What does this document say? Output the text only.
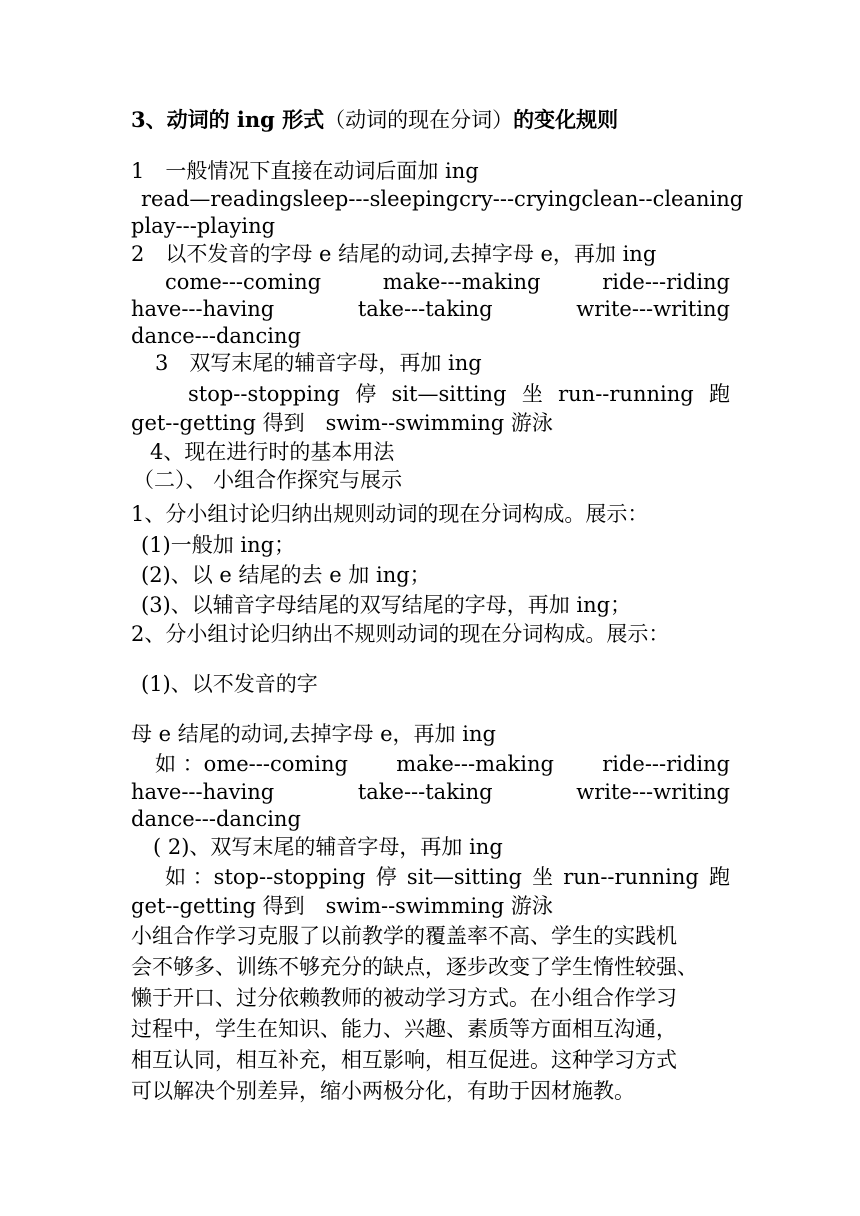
3、动词的 ing 形式（动词的现在分词）的变化规则
1　一般情况下直接在动词后面加 ing
read—reading sleep---sleeping cry---crying clean--cleaning
play---playing
2　以不发音的字母 e 结尾的动词,去掉字母 e，再加 ing
come---coming	make---making	ride---riding
have---having	take---taking	write---writing
dance---dancing
3　双写末尾的辅音字母，再加 ing
stop--stopping 停 sit—sitting 坐 run--running 跑
get--getting 得到　swim--swimming 游泳
4、现在进行时的基本用法
（二）、 小组合作探究与展示
1、分小组讨论归纳出规则动词的现在分词构成。展示：
(1)一般加 ing；
(2)、以 e 结尾的去 e 加 ing；
(3)、以辅音字母结尾的双写结尾的字母，再加 ing；
2、分小组讨论归纳出不规则动词的现在分词构成。展示：
(1)、以不发音的字
母 e 结尾的动词,去掉字母 e，再加 ing
如 ：ome---coming make---making ride---riding
have---having	take---taking	write---writing
dance---dancing
( 2)、双写末尾的辅音字母，再加 ing
如 ：stop--stopping 停 sit—sitting 坐 run--running 跑
get--getting 得到　swim--swimming 游泳
小组合作学习克服了以前教学的覆盖率不高、学生的实践机
会不够多、训练不够充分的缺点，逐步改变了学生惰性较强、
懒于开口、过分依赖教师的被动学习方式。在小组合作学习
过程中，学生在知识、能力、兴趣、素质等方面相互沟通，
相互认同，相互补充，相互影响，相互促进。这种学习方式
可以解决个别差异，缩小两极分化，有助于因材施教。
